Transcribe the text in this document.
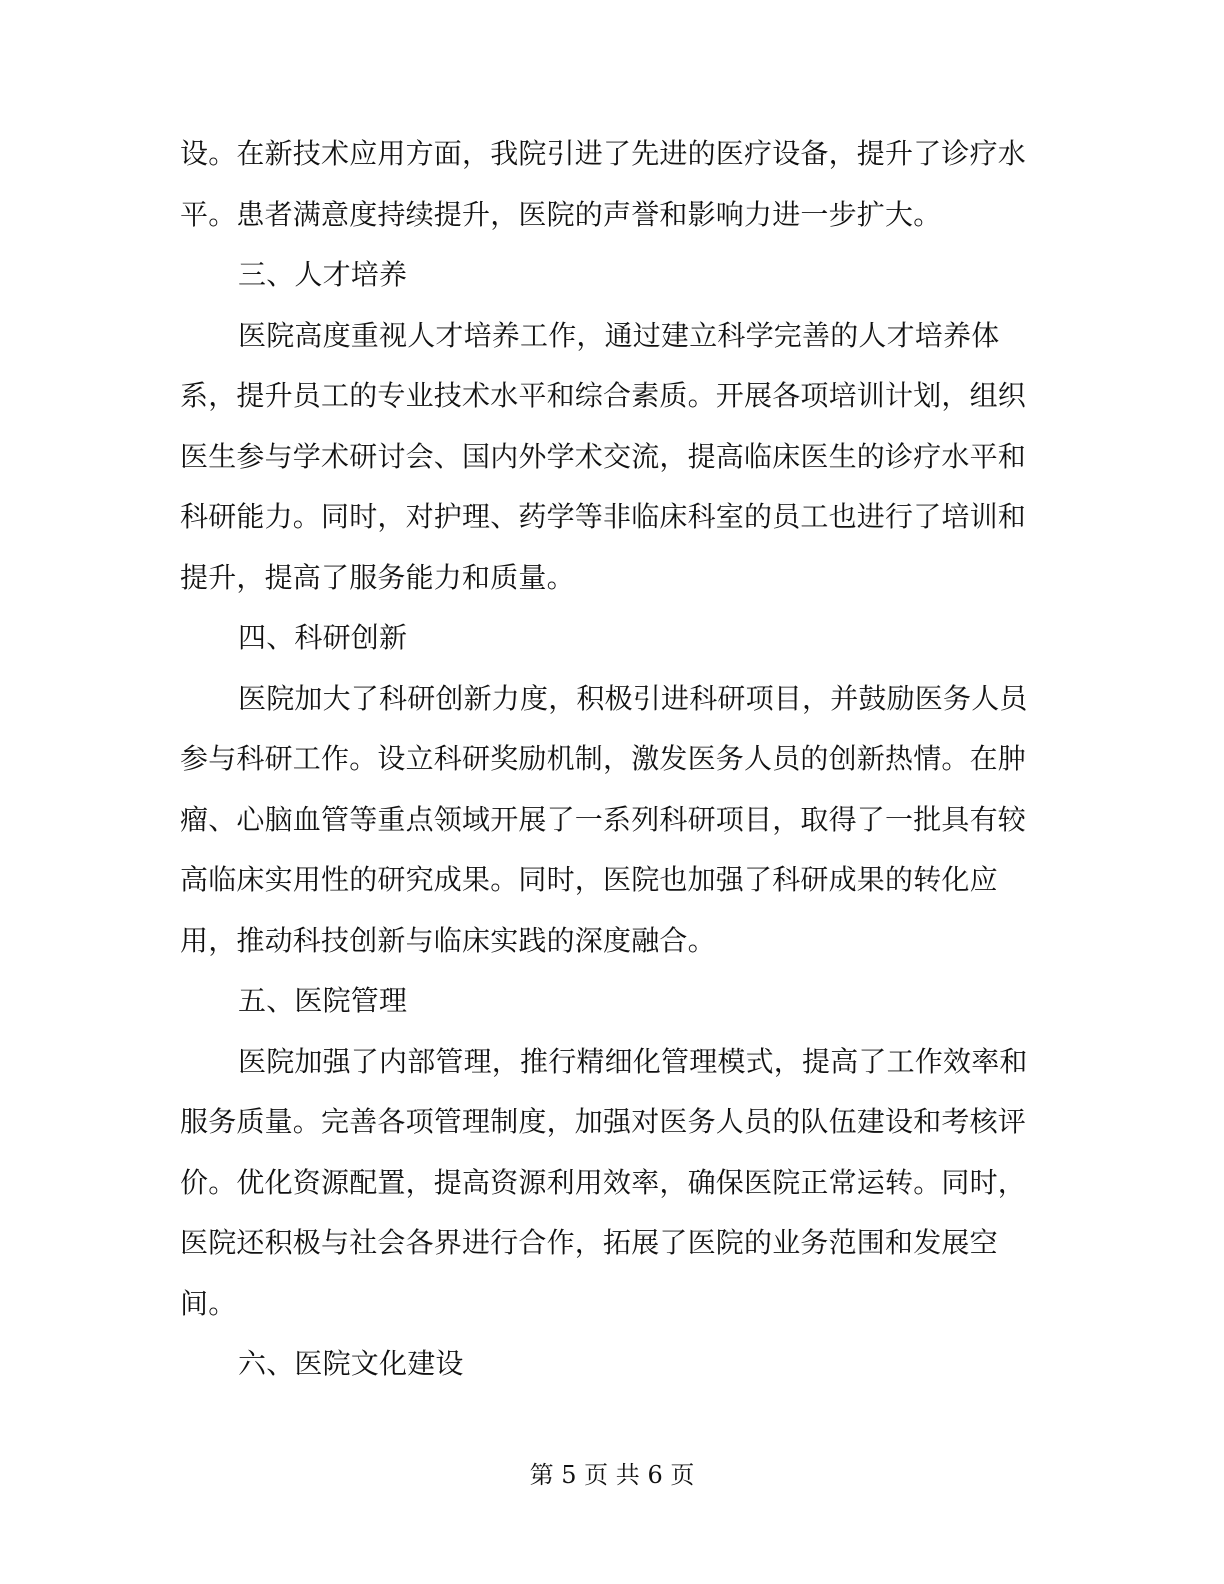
设。在新技术应用方面，我院引进了先进的医疗设备，提升了诊疗水
平。患者满意度持续提升，医院的声誉和影响力进一步扩大。
三、人才培养
医院高度重视人才培养工作，通过建立科学完善的人才培养体
系，提升员工的专业技术水平和综合素质。开展各项培训计划，组织
医生参与学术研讨会、国内外学术交流，提高临床医生的诊疗水平和
科研能力。同时，对护理、药学等非临床科室的员工也进行了培训和
提升，提高了服务能力和质量。
四、科研创新
医院加大了科研创新力度，积极引进科研项目，并鼓励医务人员
参与科研工作。设立科研奖励机制，激发医务人员的创新热情。在肿
瘤、心脑血管等重点领域开展了一系列科研项目，取得了一批具有较
高临床实用性的研究成果。同时，医院也加强了科研成果的转化应
用，推动科技创新与临床实践的深度融合。
五、医院管理
医院加强了内部管理，推行精细化管理模式，提高了工作效率和
服务质量。完善各项管理制度，加强对医务人员的队伍建设和考核评
价。优化资源配置，提高资源利用效率，确保医院正常运转。同时，
医院还积极与社会各界进行合作，拓展了医院的业务范围和发展空
间。
六、医院文化建设
第 5 页 共 6 页
